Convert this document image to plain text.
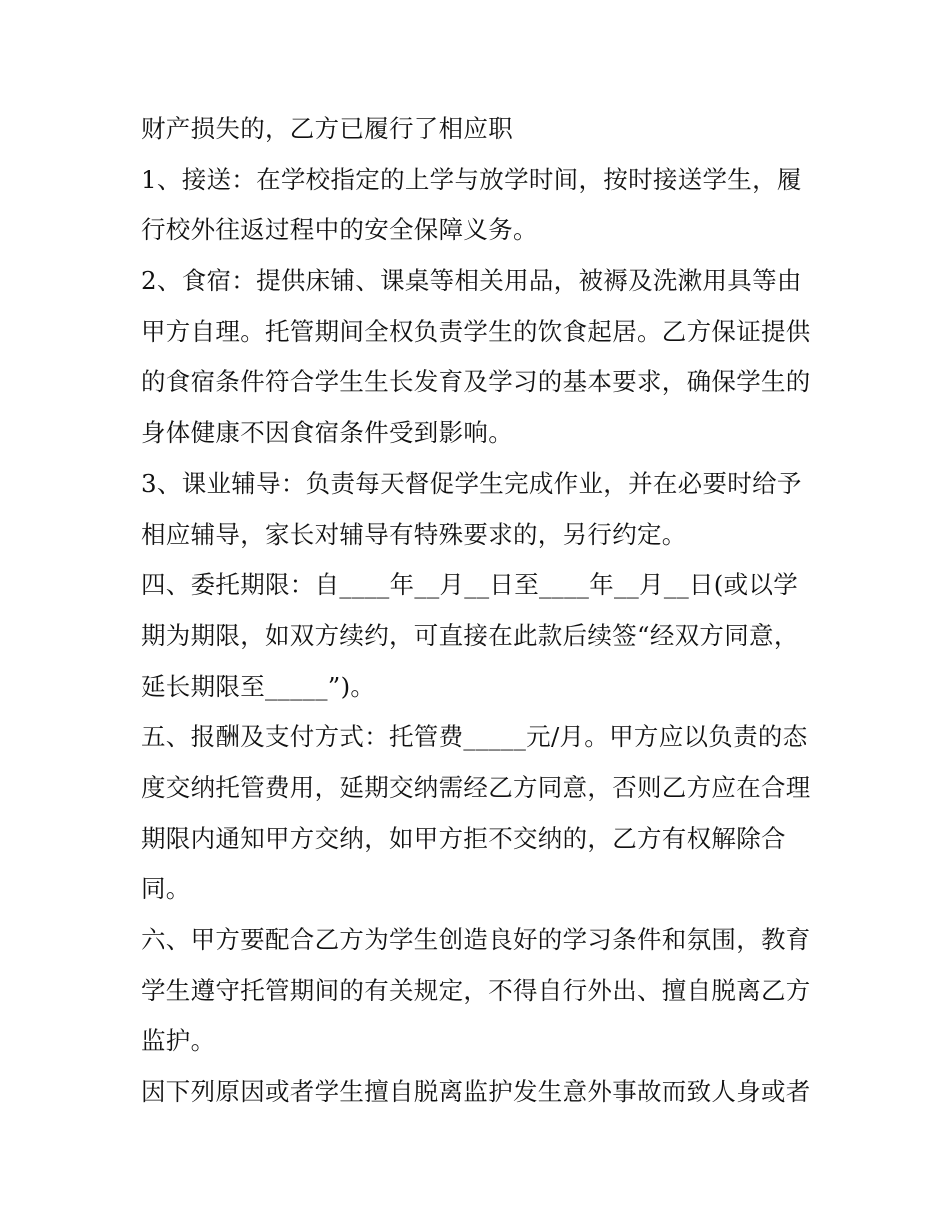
财产损失的，乙方已履行了相应职
1、接送：在学校指定的上学与放学时间，按时接送学生，履
行校外往返过程中的安全保障义务。
2、食宿：提供床铺、课桌等相关用品，被褥及洗漱用具等由
甲方自理。托管期间全权负责学生的饮食起居。乙方保证提供
的食宿条件符合学生生长发育及学习的基本要求，确保学生的
身体健康不因食宿条件受到影响。
3、课业辅导：负责每天督促学生完成作业，并在必要时给予
相应辅导，家长对辅导有特殊要求的，另行约定。
四、委托期限：自____年__月__日至____年__月__日(或以学
期为期限，如双方续约，可直接在此款后续签“经双方同意，
延长期限至_____”)。
五、报酬及支付方式：托管费_____元/月。甲方应以负责的态
度交纳托管费用，延期交纳需经乙方同意，否则乙方应在合理
期限内通知甲方交纳，如甲方拒不交纳的，乙方有权解除合
同。
六、甲方要配合乙方为学生创造良好的学习条件和氛围，教育
学生遵守托管期间的有关规定，不得自行外出、擅自脱离乙方
监护。
因下列原因或者学生擅自脱离监护发生意外事故而致人身或者
